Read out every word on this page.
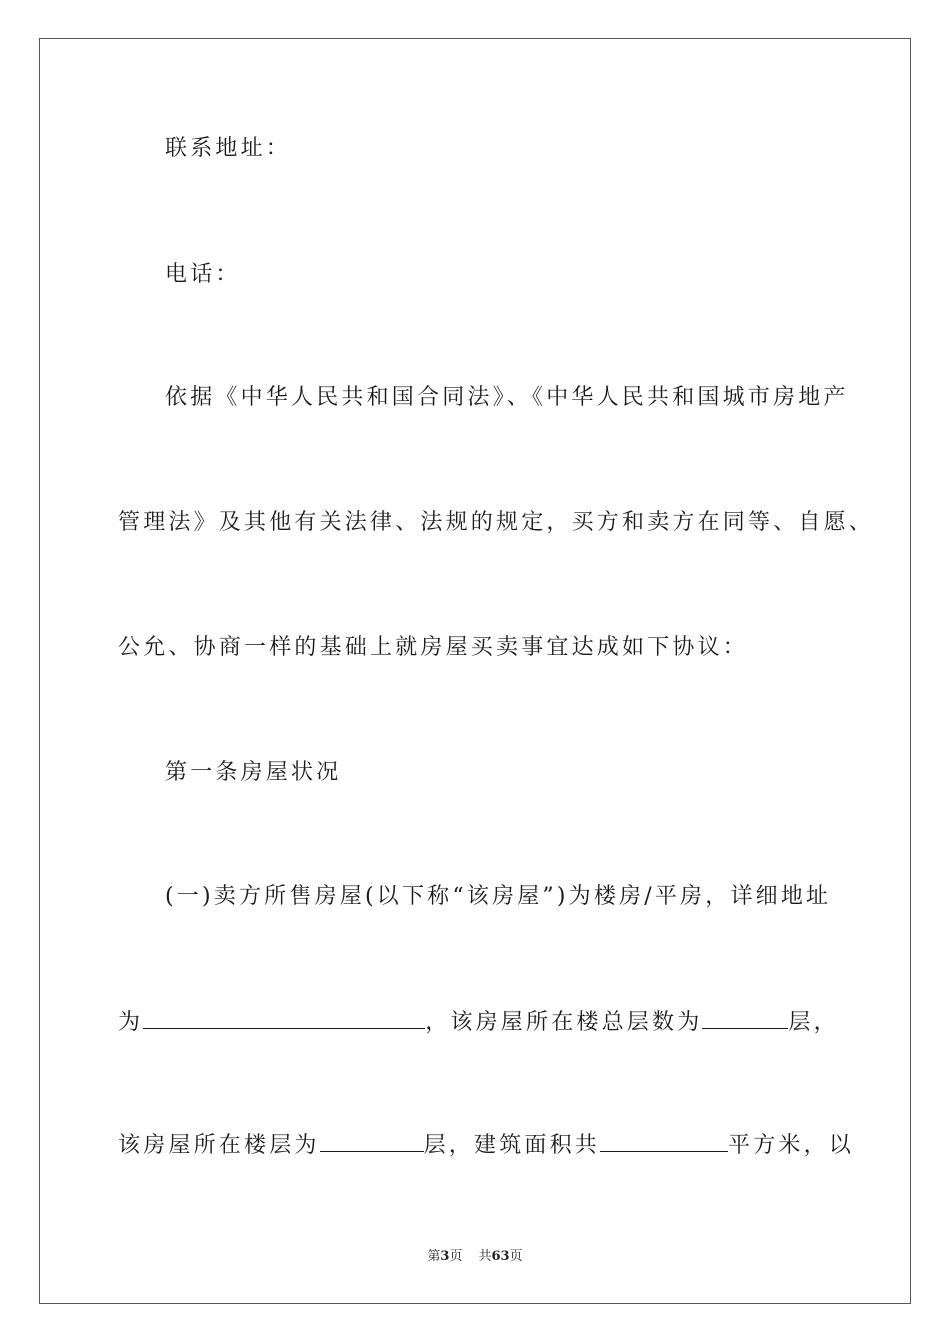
联系地址：
电话：
依据《中华人民共和国合同法》、《中华人民共和国城市房地产
管理法》及其他有关法律、法规的规定，买方和卖方在同等、自愿、
公允、协商一样的基础上就房屋买卖事宜达成如下协议：
第一条房屋状况
(一)卖方所售房屋(以下称“该房屋”)为楼房/平房，详细地址
为	，该房屋所在楼总层数为	层，
该房屋所在楼层为	层，建筑面积共	平方米，以
第3页 共63页
